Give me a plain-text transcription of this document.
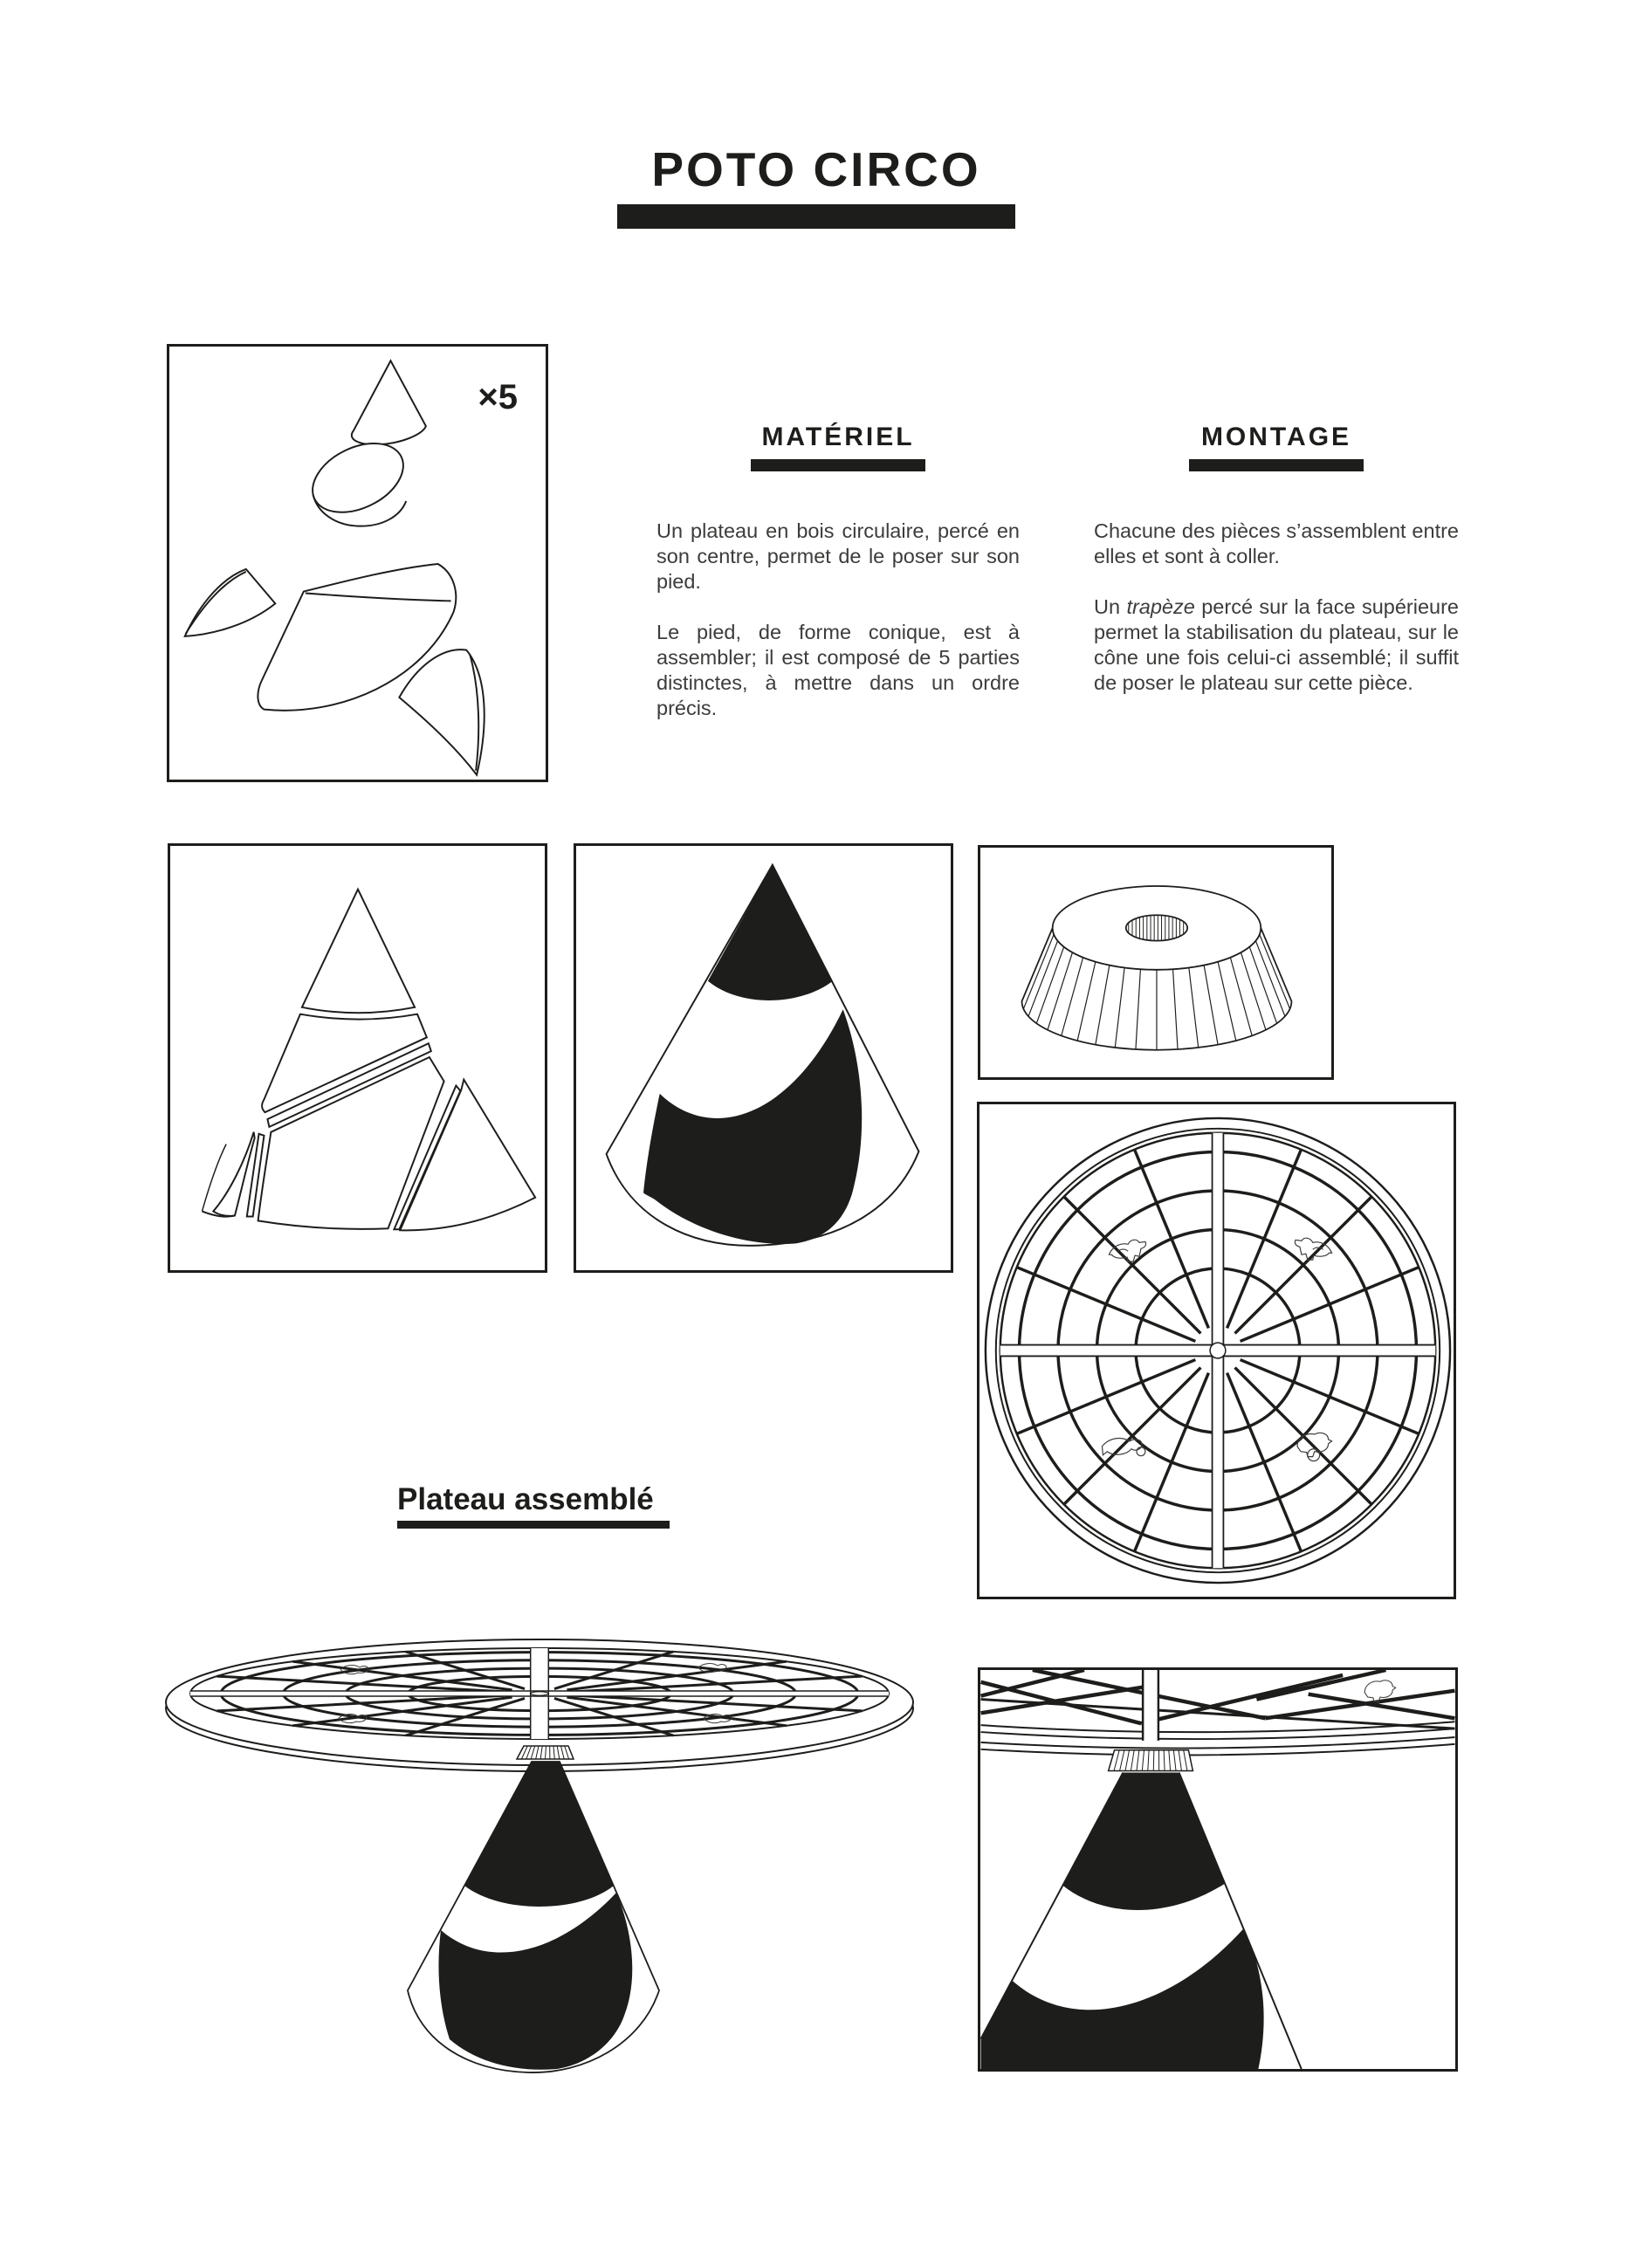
POTO CIRCO
×5
MATÉRIEL

Un plateau en bois circulaire, percé en son centre, permet de le poser sur son pied.

Le pied, de forme conique, est à assembler; il est composé de 5 parties distinctes, à mettre dans un ordre précis.

MONTAGE

Chacune des pièces s’assemblent entre elles et sont à coller.

Un trapèze percé sur la face supérieure permet la stabilisation du plateau, sur le cône une fois celui-ci assemblé; il suffit de poser le plateau sur cette pièce.

Plateau assemblé
